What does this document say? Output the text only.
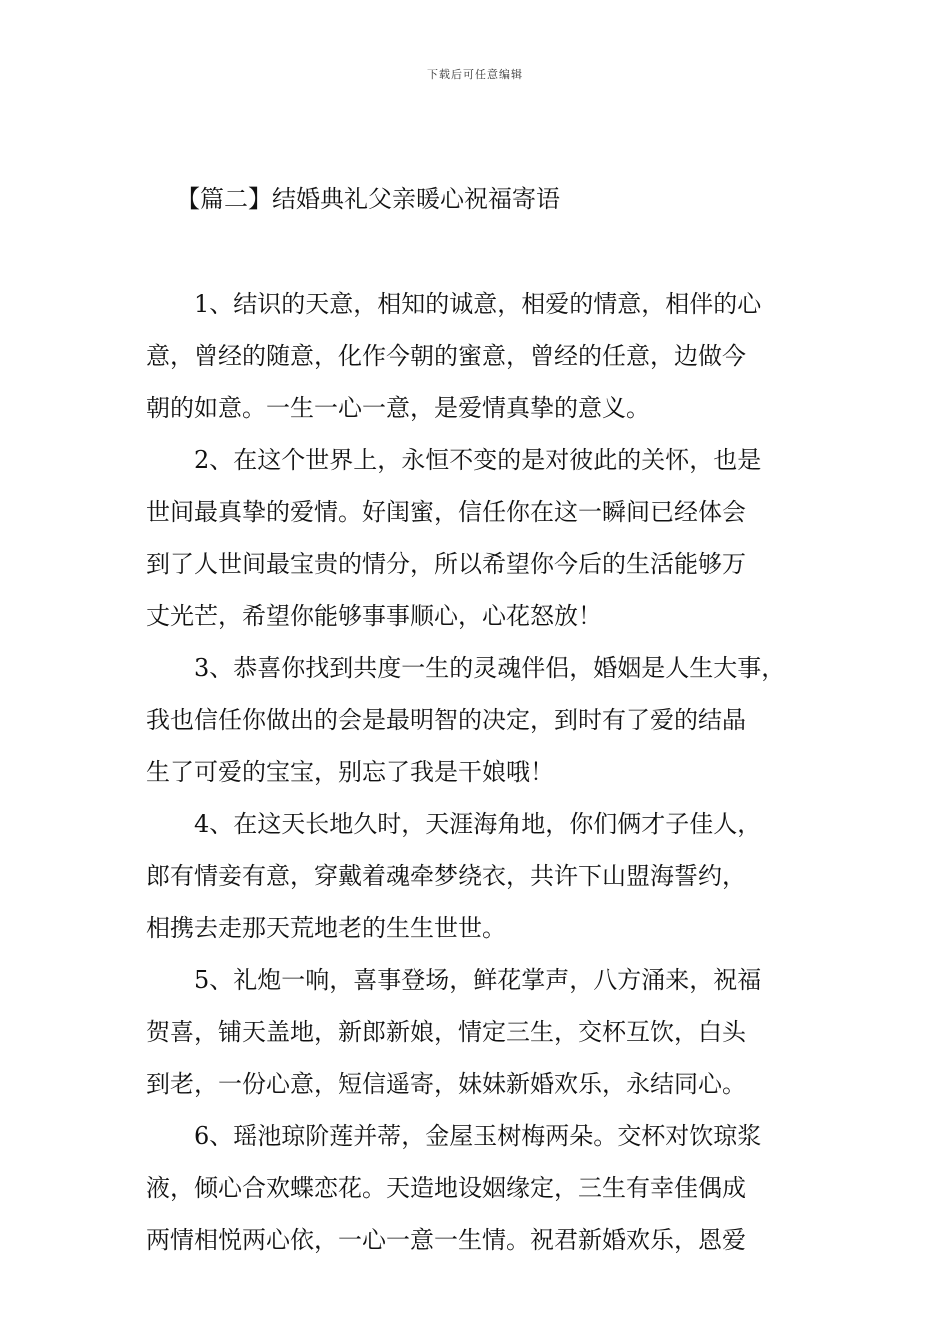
下载后可任意编辑
【篇二】结婚典礼父亲暖心祝福寄语

1、结识的天意，相知的诚意，相爱的情意，相伴的心
意，曾经的随意，化作今朝的蜜意，曾经的任意，边做今
朝的如意。一生一心一意，是爱情真挚的意义。

2、在这个世界上，永恒不变的是对彼此的关怀，也是
世间最真挚的爱情。好闺蜜，信任你在这一瞬间已经体会
到了人世间最宝贵的情分，所以希望你今后的生活能够万
丈光芒，希望你能够事事顺心，心花怒放！

3、恭喜你找到共度一生的灵魂伴侣，婚姻是人生大事，
我也信任你做出的会是最明智的决定，到时有了爱的结晶
生了可爱的宝宝，别忘了我是干娘哦！

4、在这天长地久时，天涯海角地，你们俩才子佳人，
郎有情妾有意，穿戴着魂牵梦绕衣，共许下山盟海誓约，
相携去走那天荒地老的生生世世。

5、礼炮一响，喜事登场，鲜花掌声，八方涌来，祝福
贺喜，铺天盖地，新郎新娘，情定三生，交杯互饮，白头
到老，一份心意，短信遥寄，妹妹新婚欢乐，永结同心。

6、瑶池琼阶莲并蒂，金屋玉树梅两朵。交杯对饮琼浆
液，倾心合欢蝶恋花。天造地设姻缘定，三生有幸佳偶成
两情相悦两心依，一心一意一生情。祝君新婚欢乐，恩爱
